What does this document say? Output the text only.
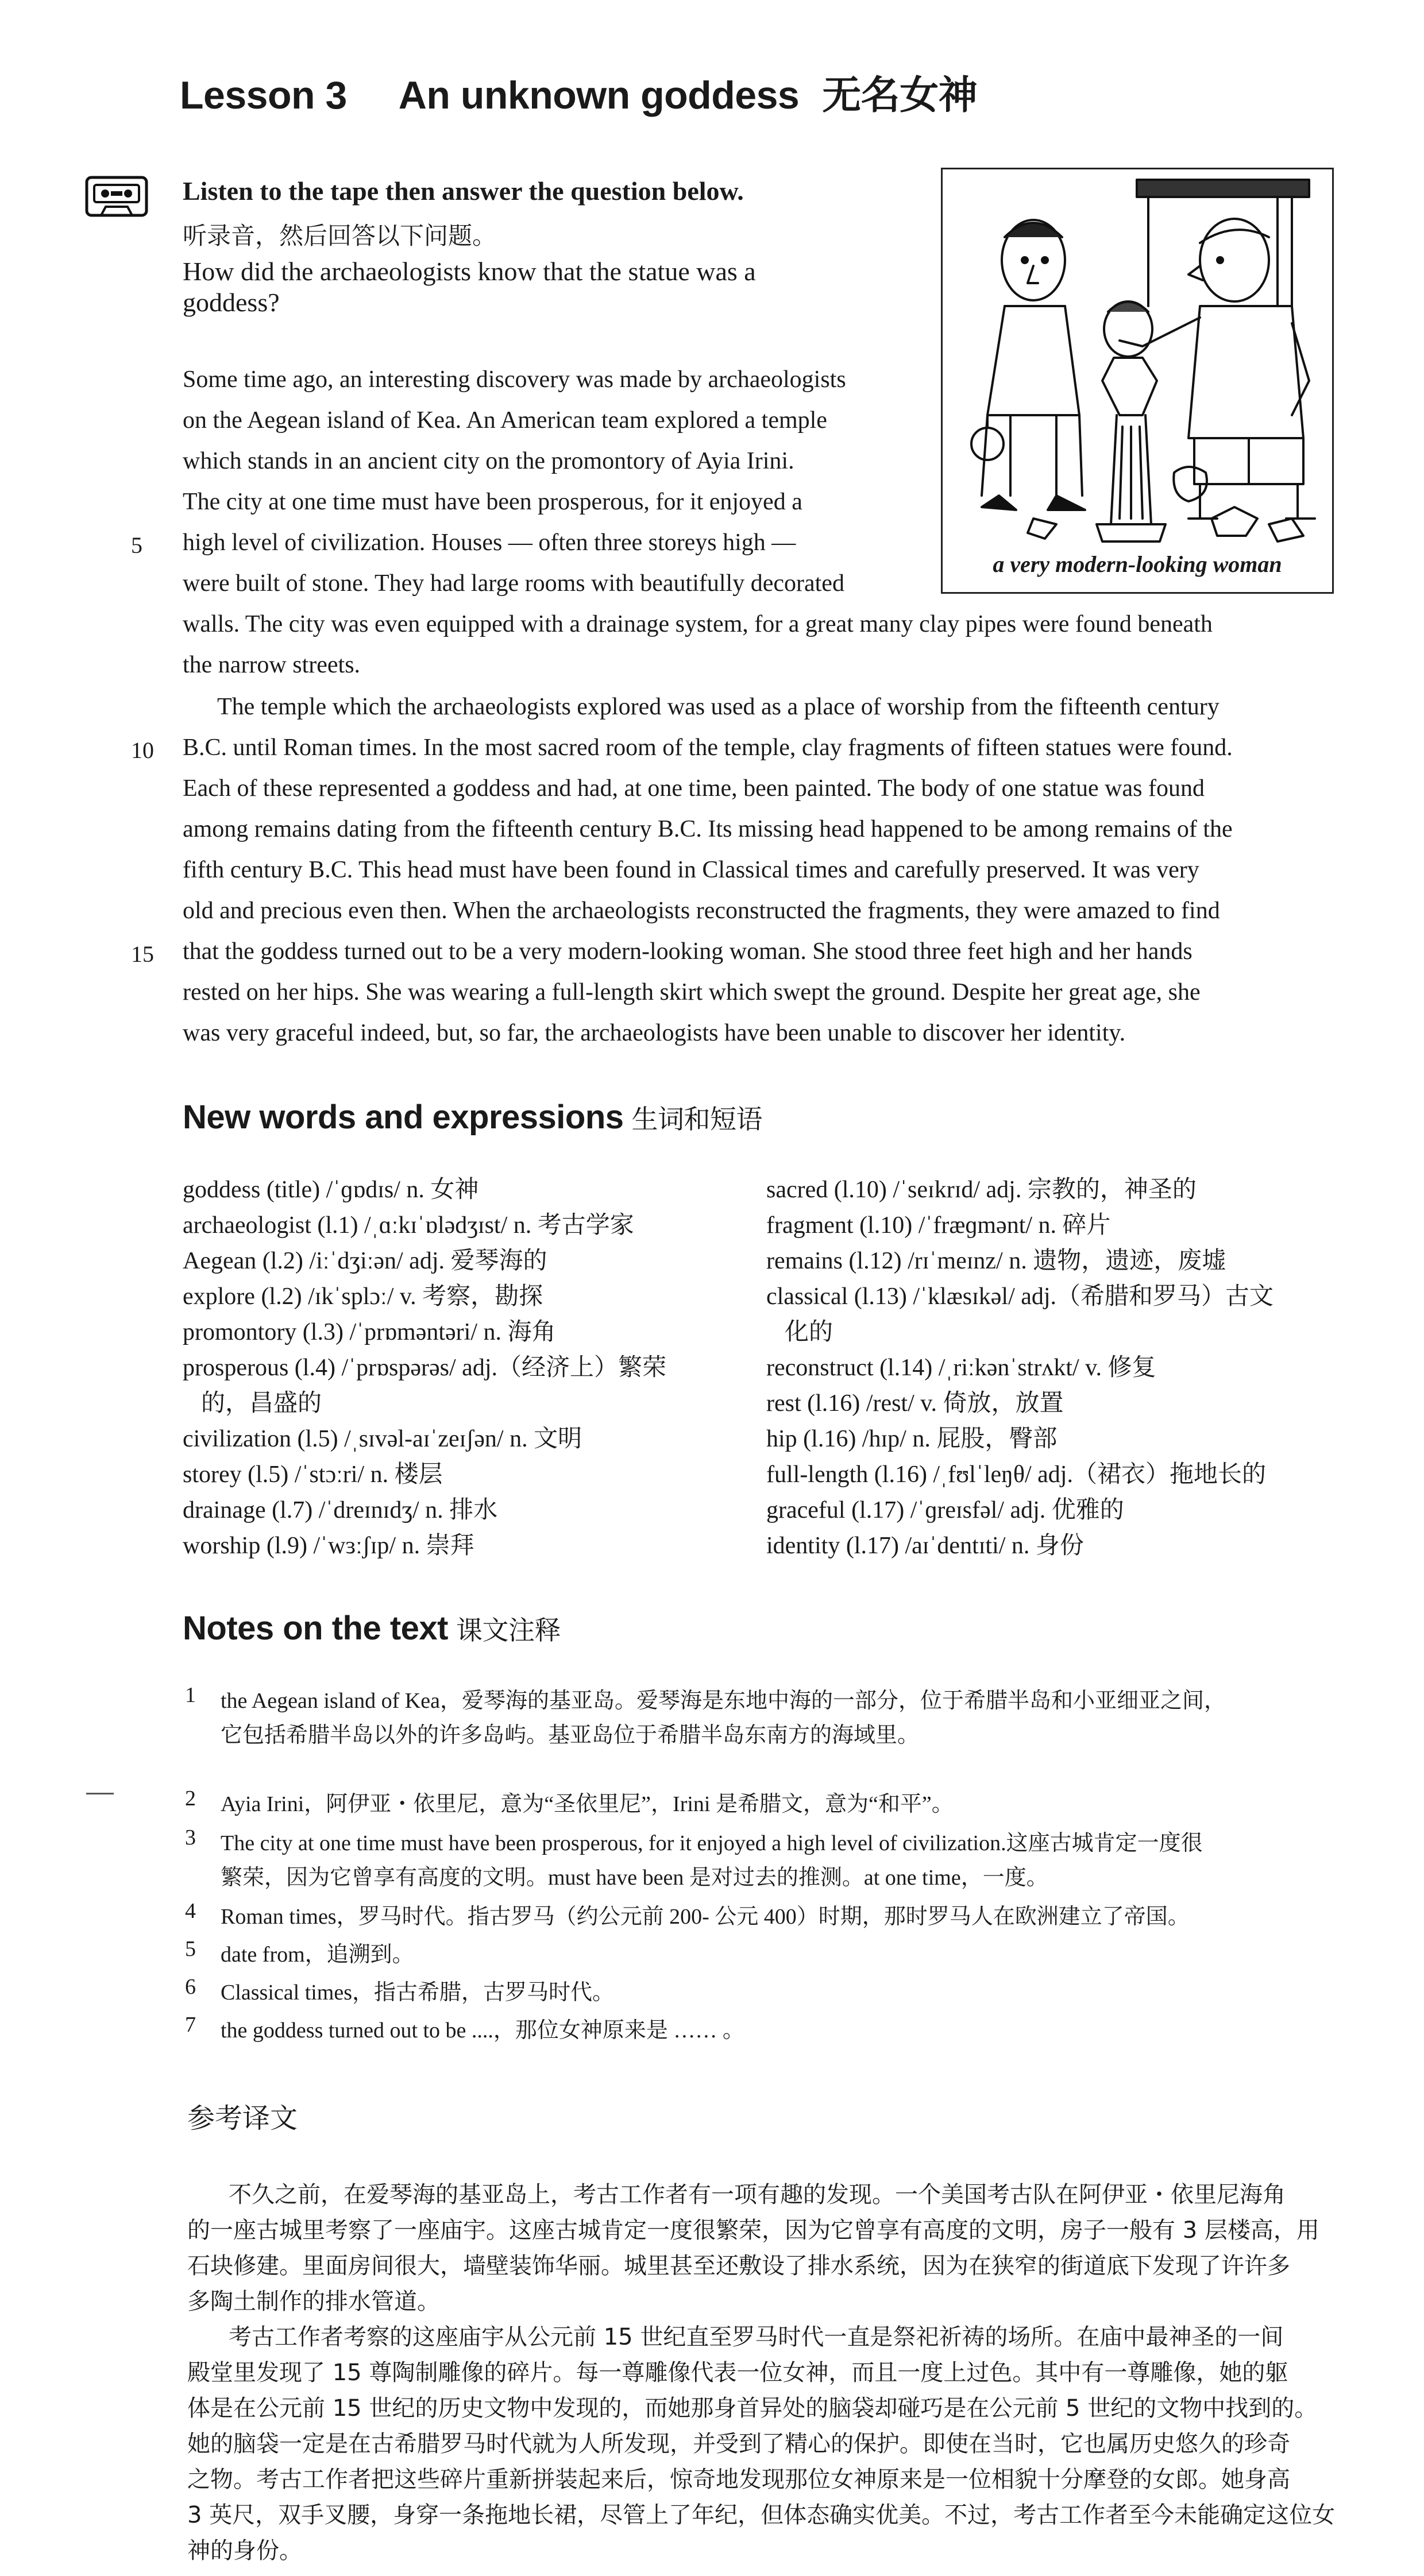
Lesson 3 An unknown goddess 无名女神
Listen to the tape then answer the question below.
听录音，然后回答以下问题。
How did the archaeologists know that the statue was a
goddess?
a very modern-looking woman
Some time ago, an interesting discovery was made by archaeologists
on the Aegean island of Kea. An American team explored a temple
which stands in an ancient city on the promontory of Ayia Irini.
The city at one time must have been prosperous, for it enjoyed a
high level of civilization. Houses — often three storeys high —
were built of stone. They had large rooms with beautifully decorated
walls. The city was even equipped with a drainage system, for a great many clay pipes were found beneath
the narrow streets.
The temple which the archaeologists explored was used as a place of worship from the fifteenth century
B.C. until Roman times. In the most sacred room of the temple, clay fragments of fifteen statues were found.
Each of these represented a goddess and had, at one time, been painted. The body of one statue was found
among remains dating from the fifteenth century B.C. Its missing head happened to be among remains of the
fifth century B.C. This head must have been found in Classical times and carefully preserved. It was very
old and precious even then. When the archaeologists reconstructed the fragments, they were amazed to find
that the goddess turned out to be a very modern-looking woman. She stood three feet high and her hands
rested on her hips. She was wearing a full-length skirt which swept the ground. Despite her great age, she
was very graceful indeed, but, so far, the archaeologists have been unable to discover her identity.
5
10
15
New words and expressions 生词和短语
goddess (title) /ˈɡɒdɪs/ n. 女神
archaeologist (l.1) /ˌɑːkɪˈɒlədʒɪst/ n. 考古学家
Aegean (l.2) /iːˈdʒiːən/ adj. 爱琴海的
explore (l.2) /ɪkˈsplɔː/ v. 考察，勘探
promontory (l.3) /ˈprɒməntəri/ n. 海角
prosperous (l.4) /ˈprɒspərəs/ adj.（经济上）繁荣
的，昌盛的
civilization (l.5) /ˌsɪvəl-aɪˈzeɪʃən/ n. 文明
storey (l.5) /ˈstɔːri/ n. 楼层
drainage (l.7) /ˈdreɪnɪdʒ/ n. 排水
worship (l.9) /ˈwɜːʃɪp/ n. 崇拜
sacred (l.10) /ˈseɪkrɪd/ adj. 宗教的，神圣的
fragment (l.10) /ˈfræɡmənt/ n. 碎片
remains (l.12) /rɪˈmeɪnz/ n. 遗物，遗迹，废墟
classical (l.13) /ˈklæsɪkəl/ adj.（希腊和罗马）古文
化的
reconstruct (l.14) /ˌriːkənˈstrʌkt/ v. 修复
rest (l.16) /rest/ v. 倚放，放置
hip (l.16) /hɪp/ n. 屁股，臀部
full-length (l.16) /ˌfʊlˈleŋθ/ adj.（裙衣）拖地长的
graceful (l.17) /ˈɡreɪsfəl/ adj. 优雅的
identity (l.17) /aɪˈdentɪti/ n. 身份
Notes on the text 课文注释
1 the Aegean island of Kea，爱琴海的基亚岛。爱琴海是东地中海的一部分，位于希腊半岛和小亚细亚之间，
它包括希腊半岛以外的许多岛屿。基亚岛位于希腊半岛东南方的海域里。
2 Ayia Irini，阿伊亚・依里尼，意为“圣依里尼”，Irini 是希腊文，意为“和平”。
3 The city at one time must have been prosperous, for it enjoyed a high level of civilization.这座古城肯定一度很
繁荣，因为它曾享有高度的文明。must have been 是对过去的推测。at one time，一度。
4 Roman times，罗马时代。指古罗马（约公元前 200- 公元 400）时期，那时罗马人在欧洲建立了帝国。
5 date from，追溯到。
6 Classical times，指古希腊，古罗马时代。
7 the goddess turned out to be ....，那位女神原来是 …… 。
参考译文
不久之前，在爱琴海的基亚岛上，考古工作者有一项有趣的发现。一个美国考古队在阿伊亚・依里尼海角
的一座古城里考察了一座庙宇。这座古城肯定一度很繁荣，因为它曾享有高度的文明，房子一般有 3 层楼高，用
石块修建。里面房间很大，墙壁装饰华丽。城里甚至还敷设了排水系统，因为在狭窄的街道底下发现了许许多
多陶土制作的排水管道。
考古工作者考察的这座庙宇从公元前 15 世纪直至罗马时代一直是祭祀祈祷的场所。在庙中最神圣的一间
殿堂里发现了 15 尊陶制雕像的碎片。每一尊雕像代表一位女神，而且一度上过色。其中有一尊雕像，她的躯
体是在公元前 15 世纪的历史文物中发现的，而她那身首异处的脑袋却碰巧是在公元前 5 世纪的文物中找到的。
她的脑袋一定是在古希腊罗马时代就为人所发现，并受到了精心的保护。即使在当时，它也属历史悠久的珍奇
之物。考古工作者把这些碎片重新拼装起来后，惊奇地发现那位女神原来是一位相貌十分摩登的女郎。她身高
3 英尺，双手叉腰，身穿一条拖地长裙，尽管上了年纪，但体态确实优美。不过，考古工作者至今未能确定这位女
神的身份。
